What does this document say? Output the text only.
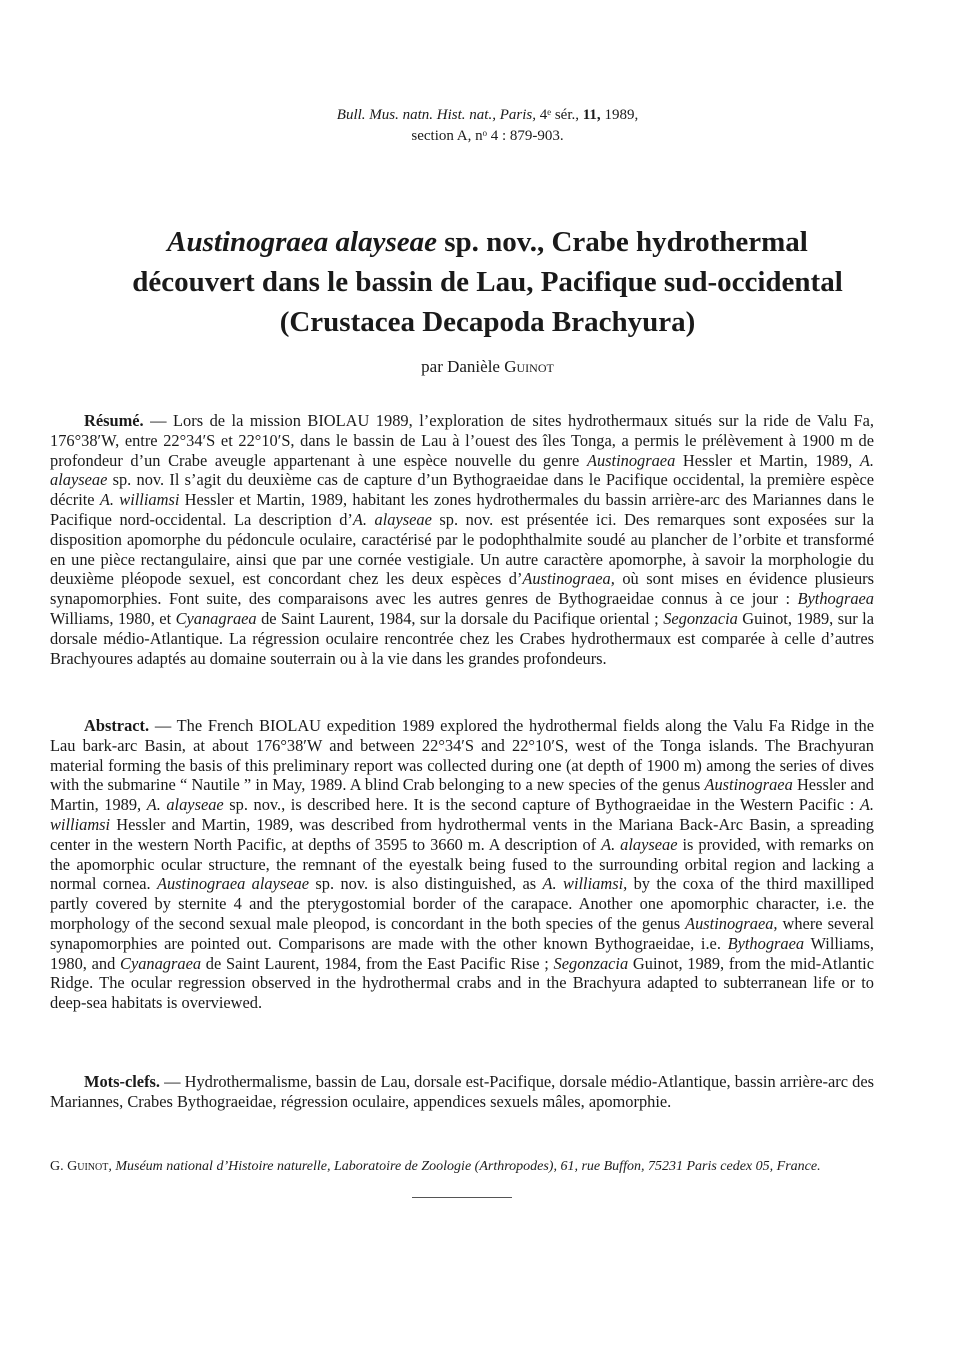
Bull. Mus. natn. Hist. nat., Paris, 4ᵉ sér., 11, 1989,
section A, nᵒ 4 : 879-903.
Austinograea alayseae sp. nov., Crabe hydrothermal
découvert dans le bassin de Lau, Pacifique sud-occidental
(Crustacea Decapoda Brachyura)
par Danièle Guinot

Résumé. — Lors de la mission BIOLAU 1989, l’exploration de sites hydrothermaux situés sur la ride de Valu Fa, 176°38′W, entre 22°34′S et 22°10′S, dans le bassin de Lau à l’ouest des îles Tonga, a permis le prélèvement à 1900 m de profondeur d’un Crabe aveugle appartenant à une espèce nouvelle du genre Austinograea Hessler et Martin, 1989, A. alayseae sp. nov. Il s’agit du deuxième cas de capture d’un Bythograeidae dans le Pacifique occidental, la première espèce décrite A. williamsi Hessler et Martin, 1989, habitant les zones hydrothermales du bassin arrière-arc des Mariannes dans le Pacifique nord-occidental. La description d’A. alayseae sp. nov. est présentée ici. Des remarques sont exposées sur la disposition apomorphe du pédoncule oculaire, caractérisé par le podophthalmite soudé au plancher de l’orbite et transformé en une pièce rectangulaire, ainsi que par une cornée vestigiale. Un autre caractère apomorphe, à savoir la morphologie du deuxième pléopode sexuel, est concordant chez les deux espèces d’Austinograea, où sont mises en évidence plusieurs synapomorphies. Font suite, des comparaisons avec les autres genres de Bythograeidae connus à ce jour : Bythograea Williams, 1980, et Cyanagraea de Saint Laurent, 1984, sur la dorsale du Pacifique oriental ; Segonzacia Guinot, 1989, sur la dorsale médio-Atlantique. La régression oculaire rencontrée chez les Crabes hydrothermaux est comparée à celle d’autres Brachyoures adaptés au domaine souterrain ou à la vie dans les grandes profondeurs.

Abstract. — The French BIOLAU expedition 1989 explored the hydrothermal fields along the Valu Fa Ridge in the Lau bark-arc Basin, at about 176°38′W and between 22°34′S and 22°10′S, west of the Tonga islands. The Brachyuran material forming the basis of this preliminary report was collected during one (at depth of 1900 m) among the series of dives with the submarine “ Nautile ” in May, 1989. A blind Crab belonging to a new species of the genus Austinograea Hessler and Martin, 1989, A. alayseae sp. nov., is described here. It is the second capture of Bythograeidae in the Western Pacific : A. williamsi Hessler and Martin, 1989, was described from hydrothermal vents in the Mariana Back-Arc Basin, a spreading center in the western North Pacific, at depths of 3595 to 3660 m. A description of A. alayseae is provided, with remarks on the apomorphic ocular structure, the remnant of the eyestalk being fused to the surrounding orbital region and lacking a normal cornea. Austinograea alayseae sp. nov. is also distinguished, as A. williamsi, by the coxa of the third maxilliped partly covered by sternite 4 and the pterygostomial border of the carapace. Another one apomorphic character, i.e. the morphology of the second sexual male pleopod, is concordant in the both species of the genus Austinograea, where several synapomorphies are pointed out. Comparisons are made with the other known Bythograeidae, i.e. Bythograea Williams, 1980, and Cyanagraea de Saint Laurent, 1984, from the East Pacific Rise ; Segonzacia Guinot, 1989, from the mid-Atlantic Ridge. The ocular regression observed in the hydrothermal crabs and in the Brachyura adapted to subterranean life or to deep-sea habitats is overviewed.

Mots-clefs. — Hydrothermalisme, bassin de Lau, dorsale est-Pacifique, dorsale médio-Atlantique, bassin arrière-arc des Mariannes, Crabes Bythograeidae, régression oculaire, appendices sexuels mâles, apomorphie.

G. Guinot, Muséum national d’Histoire naturelle, Laboratoire de Zoologie (Arthropodes), 61, rue Buffon, 75231 Paris cedex 05, France.
